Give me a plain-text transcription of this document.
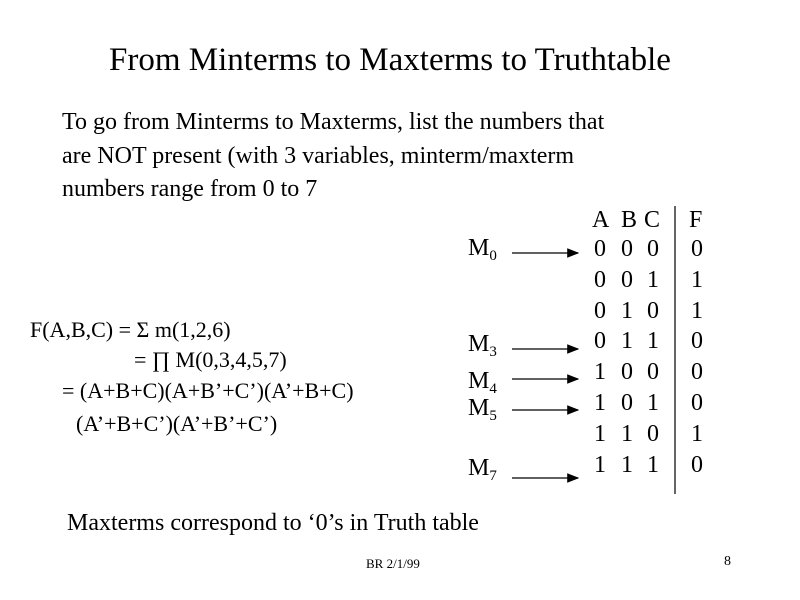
From Minterms to Maxterms to Truthtable
To go from Minterms to Maxterms, list the numbers that
are NOT present (with 3 variables, minterm/maxterm
numbers range from 0 to 7
F(A,B,C) = Σ m(1,2,6)
= ∏ M(0,3,4,5,7)
= (A+B+C)(A+B’+C’)(A’+B+C)
(A’+B+C’)(A’+B’+C’)
$M_0$
$M_3$
$M_4$
$M_5$
$M_7$
A B C F
0 0 0 0
0 0 1 1
0 1 0 1
0 1 1 0
1 0 0 0
1 0 1 0
1 1 0 1
1 1 1 0
Maxterms correspond to ‘0’s in Truth table
BR 2/1/99	8
